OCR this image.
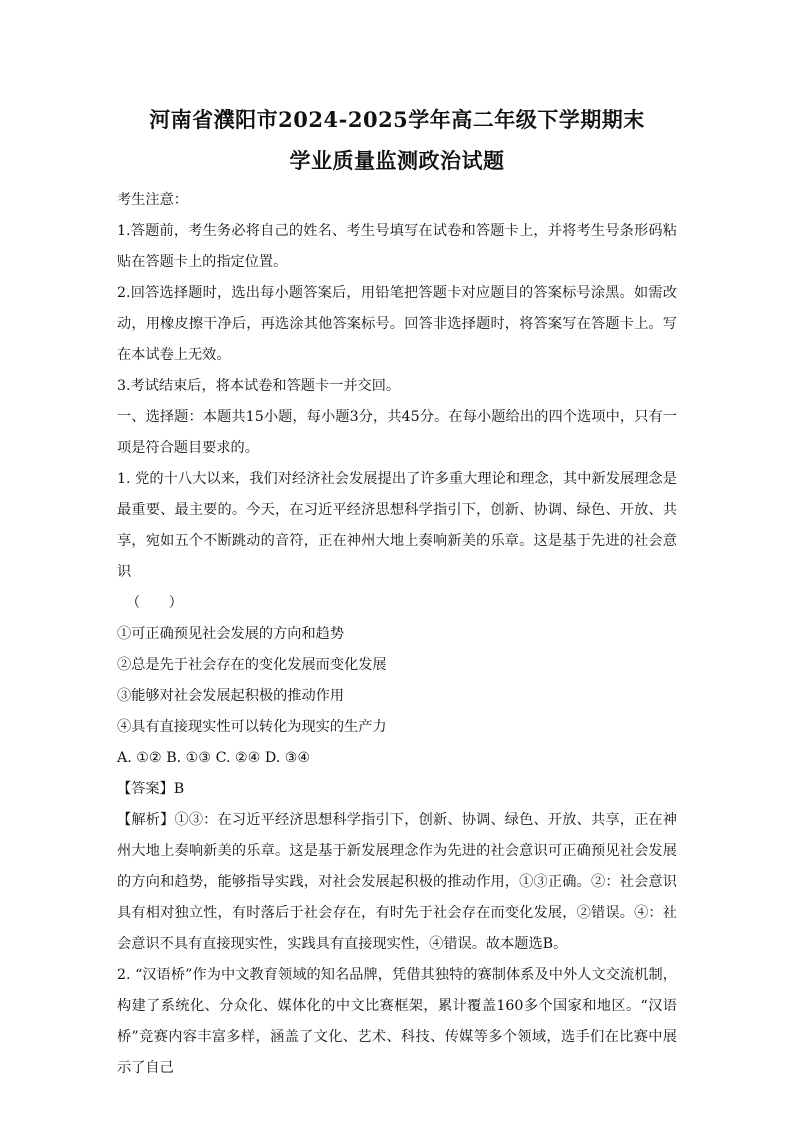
河南省濮阳市2024-2025学年高二年级下学期期末
学业质量监测政治试题

考生注意：

1.答题前，考生务必将自己的姓名、考生号填写在试卷和答题卡上，并将考生号条形码粘贴在答题卡上的指定位置。

2.回答选择题时，选出每小题答案后，用铅笔把答题卡对应题目的答案标号涂黑。如需改动，用橡皮擦干净后，再选涂其他答案标号。回答非选择题时，将答案写在答题卡上。写在本试卷上无效。

3.考试结束后，将本试卷和答题卡一并交回。

一、选择题：本题共15小题，每小题3分，共45分。在每小题给出的四个选项中，只有一项是符合题目要求的。

1. 党的十八大以来，我们对经济社会发展提出了许多重大理论和理念，其中新发展理念是最重要、最主要的。今天，在习近平经济思想科学指引下，创新、协调、绿色、开放、共享，宛如五个不断跳动的音符，正在神州大地上奏响新美的乐章。这是基于先进的社会意识

（　　）

①可正确预见社会发展的方向和趋势

②总是先于社会存在的变化发展而变化发展

③能够对社会发展起积极的推动作用

④具有直接现实性可以转化为现实的生产力

A. ①② B. ①③ C. ②④ D. ③④

【答案】B

【解析】①③：在习近平经济思想科学指引下，创新、协调、绿色、开放、共享，正在神州大地上奏响新美的乐章。这是基于新发展理念作为先进的社会意识可正确预见社会发展的方向和趋势，能够指导实践，对社会发展起积极的推动作用，①③正确。②：社会意识具有相对独立性，有时落后于社会存在，有时先于社会存在而变化发展，②错误。④：社会意识不具有直接现实性，实践具有直接现实性，④错误。故本题选B。

2. “汉语桥”作为中文教育领域的知名品牌，凭借其独特的赛制体系及中外人文交流机制，构建了系统化、分众化、媒体化的中文比赛框架，累计覆盖160多个国家和地区。“汉语桥”竞赛内容丰富多样，涵盖了文化、艺术、科技、传媒等多个领域，选手们在比赛中展示了自己
